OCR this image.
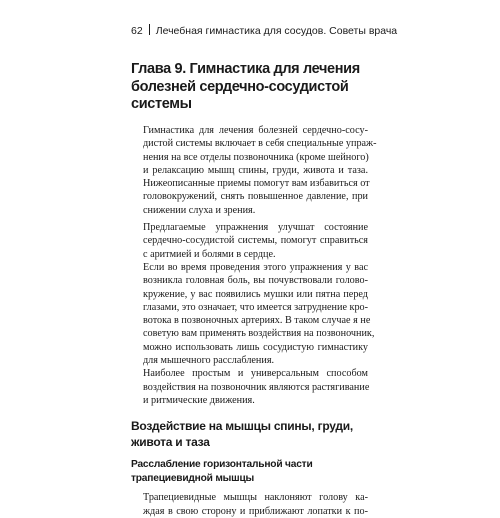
62 Лечебная гимнастика для сосудов. Советы врача
Глава 9. Гимнастика для лечения
болезней сердечно-сосудистой
системы

Гимнастика для лечения болезней сердечно-сосу-
дистой системы включает в себя специальные упраж-
нения на все отделы позвоночника (кроме шейного)
и релаксацию мышц спины, груди, живота и таза.
Нижеописанные приемы помогут вам избавиться от
головокружений, снять повышенное давление, при
снижении слуха и зрения.

Предлагаемые упражнения улучшат состояние
сердечно-сосудистой системы, помогут справиться
с аритмией и болями в сердце.

Если во время проведения этого упражнения у вас
возникла головная боль, вы почувствовали голово-
кружение, у вас появились мушки или пятна перед
глазами, это означает, что имеется затруднение кро-
вотока в позвоночных артериях. В таком случае я не
советую вам применять воздействия на позвоночник,
можно использовать лишь сосудистую гимнастику
для мышечного расслабления.

Наиболее простым и универсальным способом
воздействия на позвоночник являются растягивание
и ритмические движения.

Воздействие на мышцы спины, груди,
живота и таза
Расслабление горизонтальной части
трапециевидной мышцы

Трапециевидные мышцы наклоняют голову ка-
ждая в свою сторону и приближают лопатки к по-
